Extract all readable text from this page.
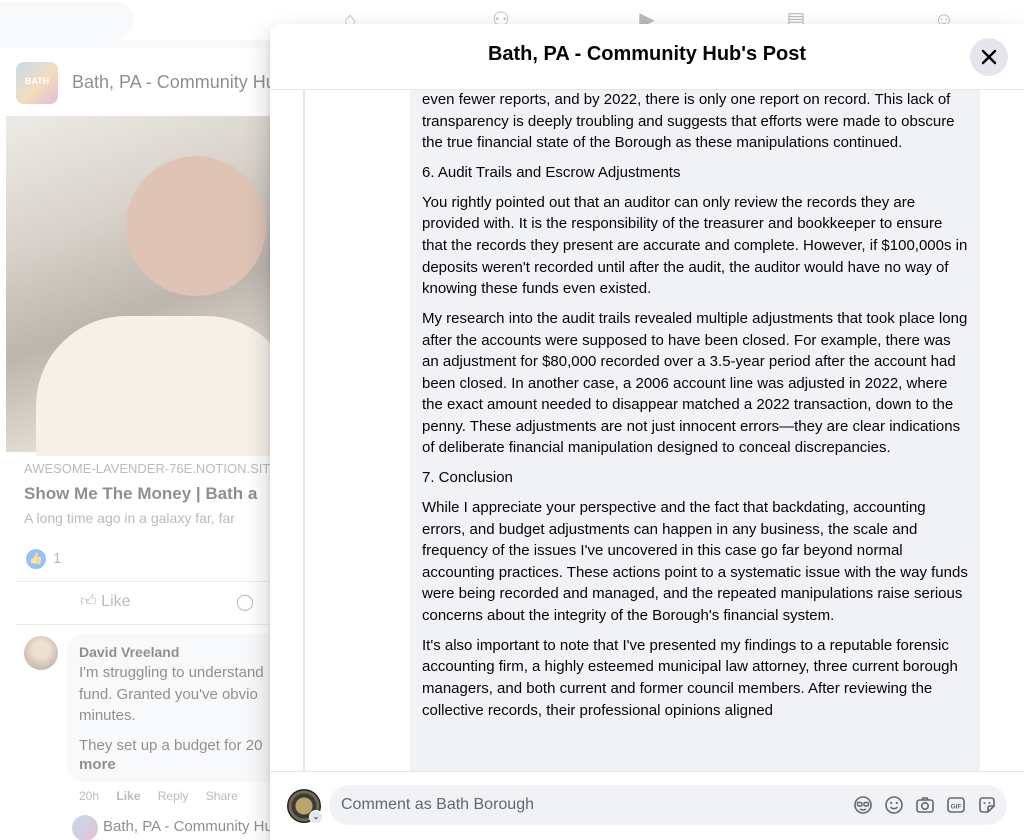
Bath, PA - Community Hub's Post

even fewer reports, and by 2022, there is only one report on record. This lack of transparency is deeply troubling and suggests that efforts were made to obscure the true financial state of the Borough as these manipulations continued.

6. Audit Trails and Escrow Adjustments

You rightly pointed out that an auditor can only review the records they are provided with. It is the responsibility of the treasurer and bookkeeper to ensure that the records they present are accurate and complete. However, if $100,000s in deposits weren't recorded until after the audit, the auditor would have no way of knowing these funds even existed.

My research into the audit trails revealed multiple adjustments that took place long after the accounts were supposed to have been closed. For example, there was an adjustment for $80,000 recorded over a 3.5-year period after the account had been closed. In another case, a 2006 account line was adjusted in 2022, where the exact amount needed to disappear matched a 2022 transaction, down to the penny. These adjustments are not just innocent errors—they are clear indications of deliberate financial manipulation designed to conceal discrepancies.

7. Conclusion

While I appreciate your perspective and the fact that backdating, accounting errors, and budget adjustments can happen in any business, the scale and frequency of the issues I've uncovered in this case go far beyond normal accounting practices. These actions point to a systematic issue with the way funds were being recorded and managed, and the repeated manipulations raise serious concerns about the integrity of the Borough's financial system.

It's also important to note that I've presented my findings to a reputable forensic accounting firm, a highly esteemed municipal law attorney, three current borough managers, and both current and former council members. After reviewing the collective records, their professional opinions aligned

⌄
Comment as Bath Borough	GIF
